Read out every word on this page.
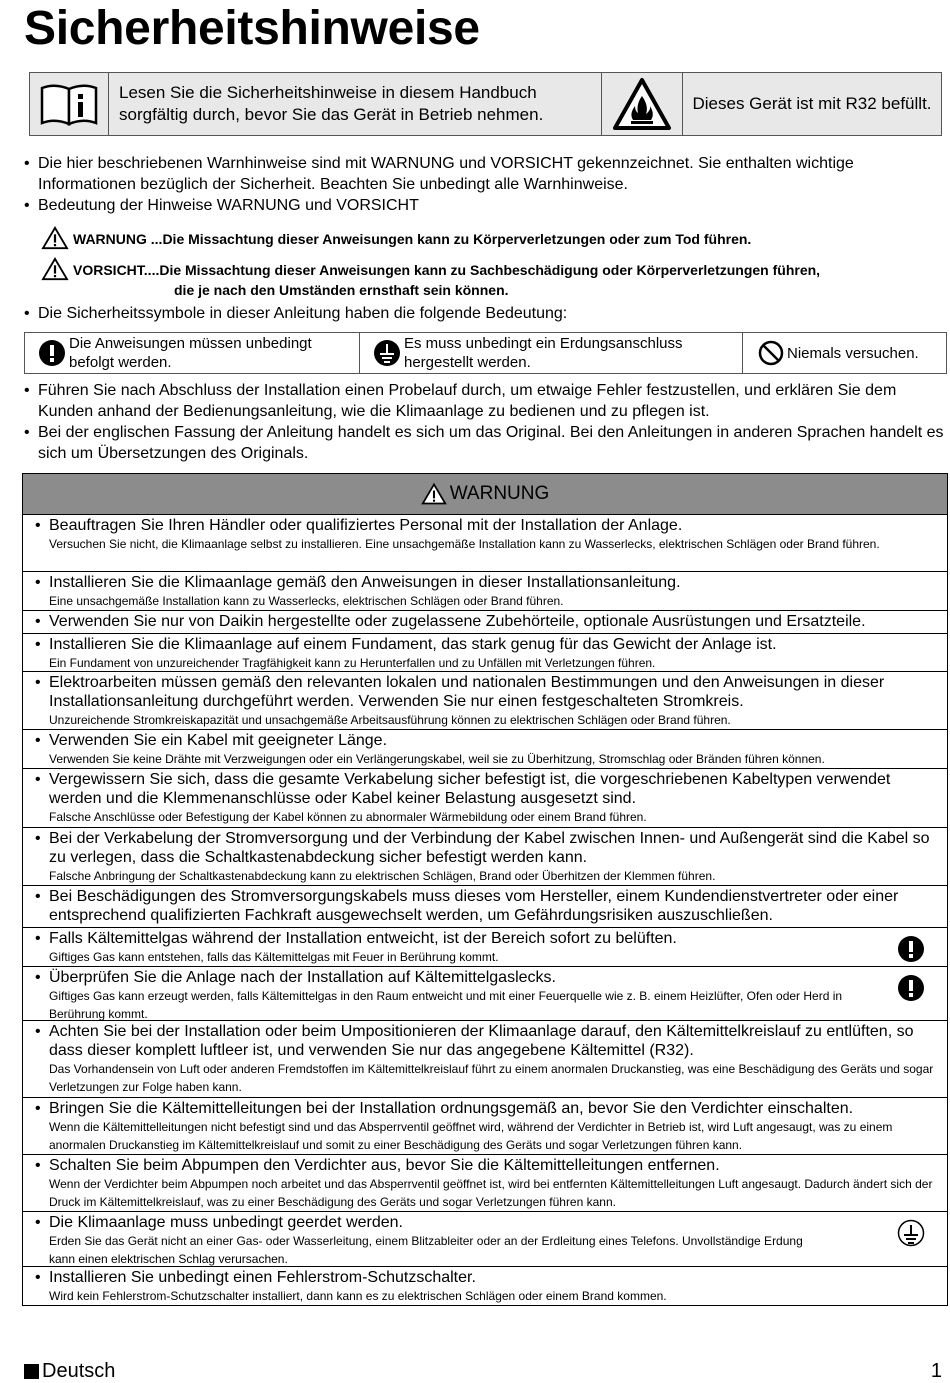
Sicherheitshinweise
Lesen Sie die Sicherheitshinweise in diesem Handbuch sorgfältig durch, bevor Sie das Gerät in Betrieb nehmen.
Dieses Gerät ist mit R32 befüllt.
• Die hier beschriebenen Warnhinweise sind mit WARNUNG und VORSICHT gekennzeichnet. Sie enthalten wichtige Informationen bezüglich der Sicherheit. Beachten Sie unbedingt alle Warnhinweise.
• Bedeutung der Hinweise WARNUNG und VORSICHT
WARNUNG ...Die Missachtung dieser Anweisungen kann zu Körperverletzungen oder zum Tod führen.
VORSICHT....Die Missachtung dieser Anweisungen kann zu Sachbeschädigung oder Körperverletzungen führen,
die je nach den Umständen ernsthaft sein können.
• Die Sicherheitssymbole in dieser Anleitung haben die folgende Bedeutung:
Die Anweisungen müssen unbedingt befolgt werden.
Es muss unbedingt ein Erdungsanschluss hergestellt werden.
Niemals versuchen.
• Führen Sie nach Abschluss der Installation einen Probelauf durch, um etwaige Fehler festzustellen, und erklären Sie dem Kunden anhand der Bedienungsanleitung, wie die Klimaanlage zu bedienen und zu pflegen ist.
• Bei der englischen Fassung der Anleitung handelt es sich um das Original. Bei den Anleitungen in anderen Sprachen handelt es sich um Übersetzungen des Originals.
WARNUNG
• Beauftragen Sie Ihren Händler oder qualifiziertes Personal mit der Installation der Anlage.
Versuchen Sie nicht, die Klimaanlage selbst zu installieren. Eine unsachgemäße Installation kann zu Wasserlecks, elektrischen Schlägen oder Brand führen.
• Installieren Sie die Klimaanlage gemäß den Anweisungen in dieser Installationsanleitung.
Eine unsachgemäße Installation kann zu Wasserlecks, elektrischen Schlägen oder Brand führen.
• Verwenden Sie nur von Daikin hergestellte oder zugelassene Zubehörteile, optionale Ausrüstungen und Ersatzteile.
• Installieren Sie die Klimaanlage auf einem Fundament, das stark genug für das Gewicht der Anlage ist.
Ein Fundament von unzureichender Tragfähigkeit kann zu Herunterfallen und zu Unfällen mit Verletzungen führen.
• Elektroarbeiten müssen gemäß den relevanten lokalen und nationalen Bestimmungen und den Anweisungen in dieser Installationsanleitung durchgeführt werden. Verwenden Sie nur einen festgeschalteten Stromkreis.
Unzureichende Stromkreiskapazität und unsachgemäße Arbeitsausführung können zu elektrischen Schlägen oder Brand führen.
• Verwenden Sie ein Kabel mit geeigneter Länge.
Verwenden Sie keine Drähte mit Verzweigungen oder ein Verlängerungskabel, weil sie zu Überhitzung, Stromschlag oder Bränden führen können.
• Vergewissern Sie sich, dass die gesamte Verkabelung sicher befestigt ist, die vorgeschriebenen Kabeltypen verwendet werden und die Klemmenanschlüsse oder Kabel keiner Belastung ausgesetzt sind.
Falsche Anschlüsse oder Befestigung der Kabel können zu abnormaler Wärmebildung oder einem Brand führen.
• Bei der Verkabelung der Stromversorgung und der Verbindung der Kabel zwischen Innen- und Außengerät sind die Kabel so zu verlegen, dass die Schaltkastenabdeckung sicher befestigt werden kann.
Falsche Anbringung der Schaltkastenabdeckung kann zu elektrischen Schlägen, Brand oder Überhitzen der Klemmen führen.
• Bei Beschädigungen des Stromversorgungskabels muss dieses vom Hersteller, einem Kundendienstvertreter oder einer entsprechend qualifizierten Fachkraft ausgewechselt werden, um Gefährdungsrisiken auszuschließen.
• Falls Kältemittelgas während der Installation entweicht, ist der Bereich sofort zu belüften.
Giftiges Gas kann entstehen, falls das Kältemittelgas mit Feuer in Berührung kommt.
• Überprüfen Sie die Anlage nach der Installation auf Kältemittelgaslecks.
Giftiges Gas kann erzeugt werden, falls Kältemittelgas in den Raum entweicht und mit einer Feuerquelle wie z. B. einem Heizlüfter, Ofen oder Herd in Berührung kommt.
• Achten Sie bei der Installation oder beim Umpositionieren der Klimaanlage darauf, den Kältemittelkreislauf zu entlüften, so dass dieser komplett luftleer ist, und verwenden Sie nur das angegebene Kältemittel (R32).
Das Vorhandensein von Luft oder anderen Fremdstoffen im Kältemittelkreislauf führt zu einem anormalen Druckanstieg, was eine Beschädigung des Geräts und sogar Verletzungen zur Folge haben kann.
• Bringen Sie die Kältemittelleitungen bei der Installation ordnungsgemäß an, bevor Sie den Verdichter einschalten.
Wenn die Kältemittelleitungen nicht befestigt sind und das Absperrventil geöffnet wird, während der Verdichter in Betrieb ist, wird Luft angesaugt, was zu einem anormalen Druckanstieg im Kältemittelkreislauf und somit zu einer Beschädigung des Geräts und sogar Verletzungen führen kann.
• Schalten Sie beim Abpumpen den Verdichter aus, bevor Sie die Kältemittelleitungen entfernen.
Wenn der Verdichter beim Abpumpen noch arbeitet und das Absperrventil geöffnet ist, wird bei entfernten Kältemittelleitungen Luft angesaugt. Dadurch ändert sich der Druck im Kältemittelkreislauf, was zu einer Beschädigung des Geräts und sogar Verletzungen führen kann.
• Die Klimaanlage muss unbedingt geerdet werden.
Erden Sie das Gerät nicht an einer Gas- oder Wasserleitung, einem Blitzableiter oder an der Erdleitung eines Telefons. Unvollständige Erdung kann einen elektrischen Schlag verursachen.
• Installieren Sie unbedingt einen Fehlerstrom-Schutzschalter.
Wird kein Fehlerstrom-Schutzschalter installiert, dann kann es zu elektrischen Schlägen oder einem Brand kommen.
Deutsch	1
